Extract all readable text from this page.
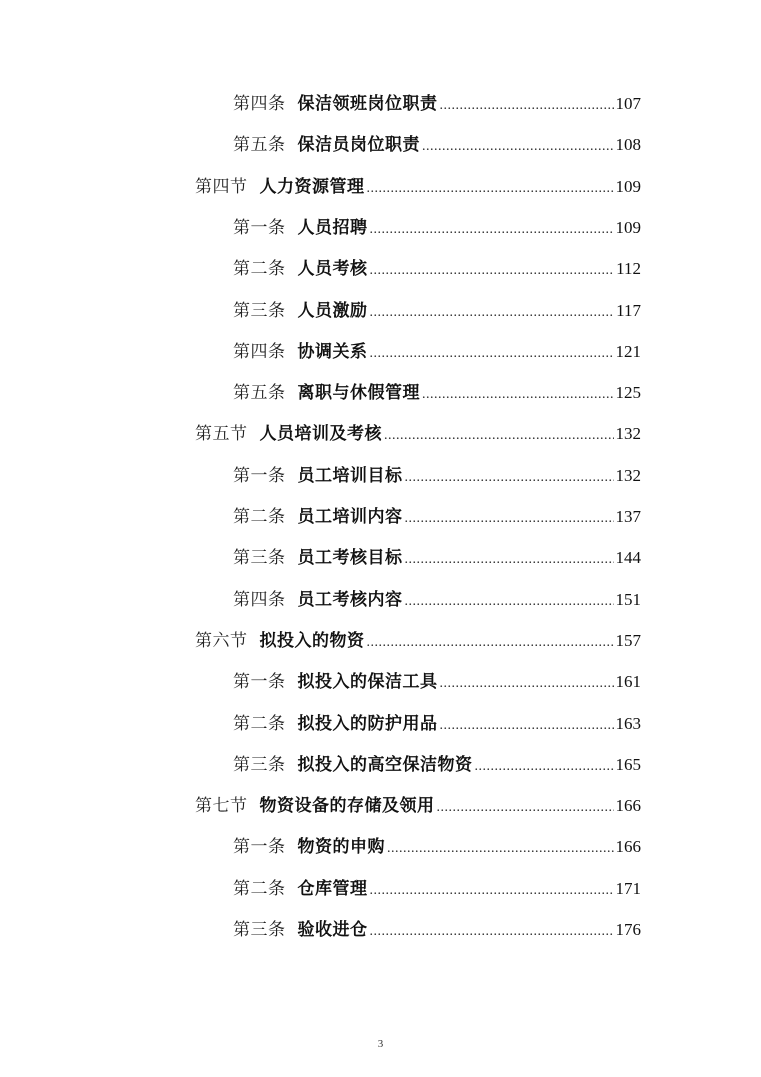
第四条 保洁领班岗位职责 .....	107
第五条 保洁员岗位职责 .....	108
第四节 人力资源管理 .....	109
第一条 人员招聘 .....	109
第二条 人员考核 .....	112
第三条 人员激励 .....	117
第四条 协调关系 .....	121
第五条 离职与休假管理 .....	125
第五节 人员培训及考核 .....	132
第一条 员工培训目标 .....	132
第二条 员工培训内容 .....	137
第三条 员工考核目标 .....	144
第四条 员工考核内容 .....	151
第六节 拟投入的物资 .....	157
第一条 拟投入的保洁工具 .....	161
第二条 拟投入的防护用品 .....	163
第三条 拟投入的高空保洁物资 .....	165
第七节 物资设备的存储及领用 .....	166
第一条 物资的申购 .....	166
第二条 仓库管理 .....	171
第三条 验收进仓 .....	176
3
